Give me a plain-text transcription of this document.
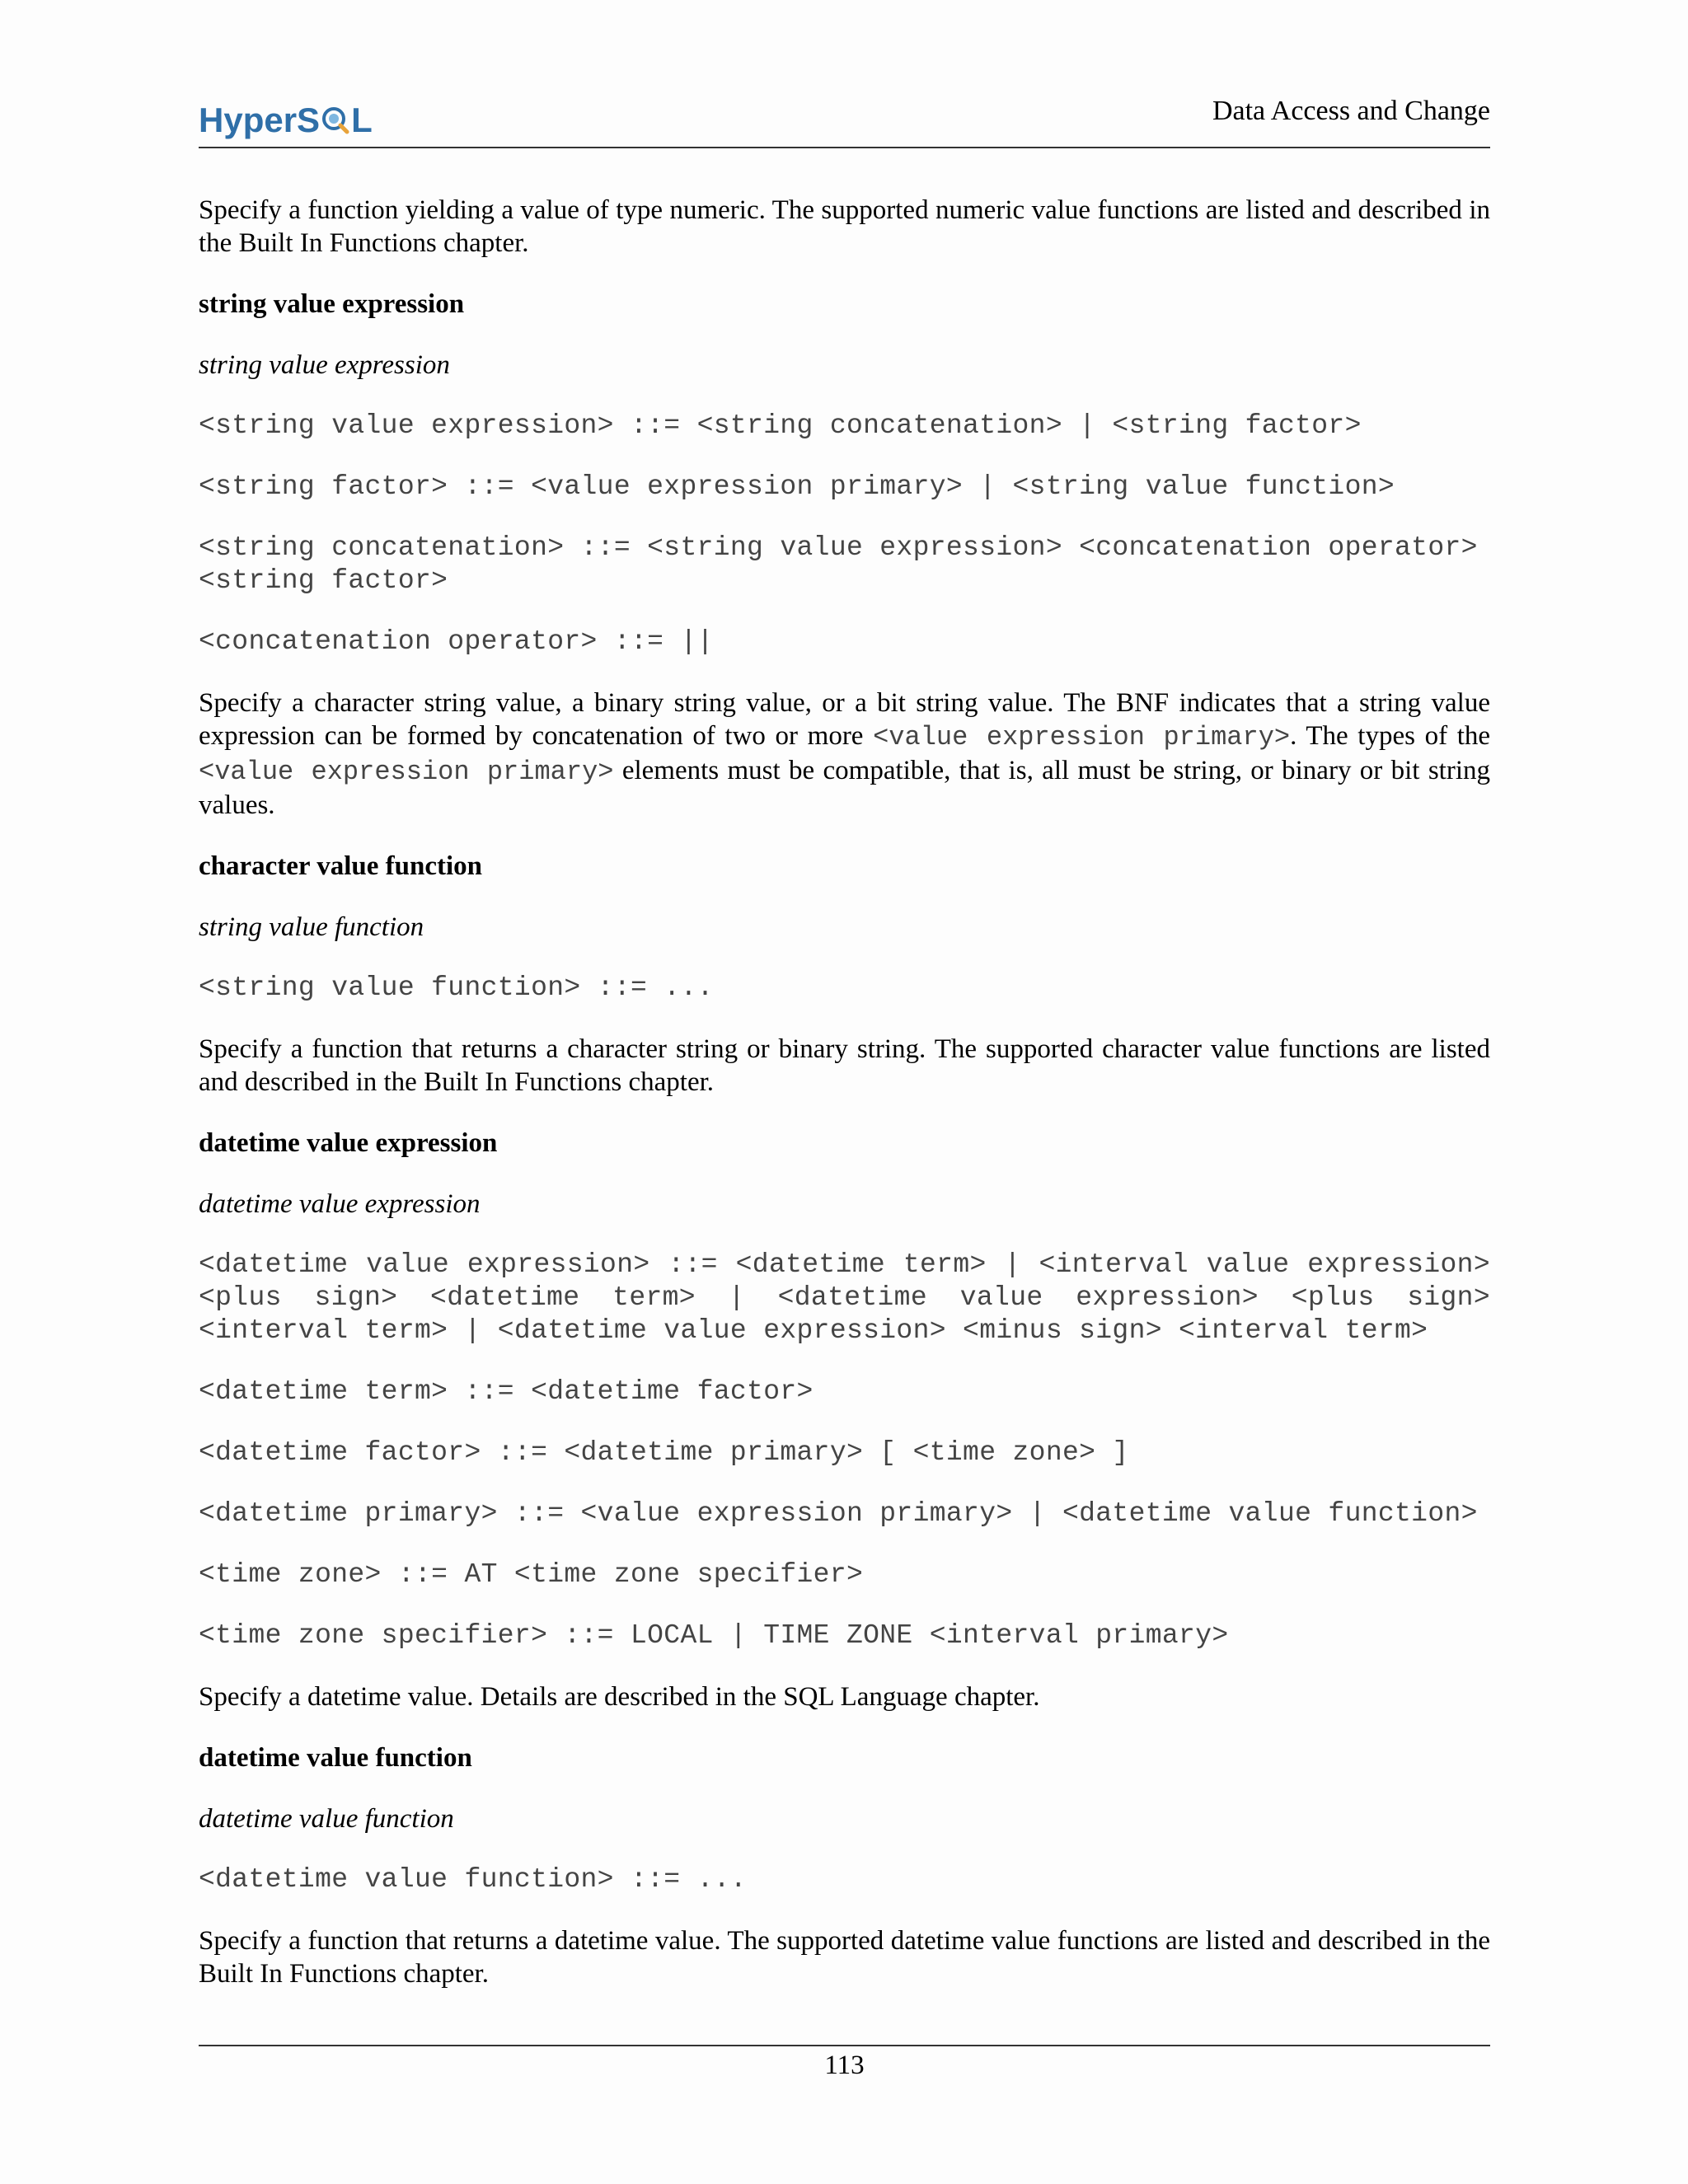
HyperS L	Data Access and Change

Specify a function yielding a value of type numeric. The supported numeric value functions are listed and described in the Built In Functions chapter.

string value expression

string value expression

<string value expression> ::= <string concatenation> | <string factor>

<string factor> ::= <value expression primary> | <string value function>

<string concatenation> ::= <string value expression> <concatenation operator> <string factor>

<concatenation operator> ::= ||

Specify a character string value, a binary string value, or a bit string value. The BNF indicates that a string value expression can be formed by concatenation of two or more <value expression primary>. The types of the <value expression primary> elements must be compatible, that is, all must be string, or binary or bit string values.

character value function

string value function

<string value function> ::= ...

Specify a function that returns a character string or binary string. The supported character value functions are listed and described in the Built In Functions chapter.

datetime value expression

datetime value expression

<datetime value expression> ::= <datetime term> | <interval value expression> <plus sign> <datetime term> | <datetime value expression> <plus sign> <interval term> | <datetime value expression> <minus sign> <interval term>

<datetime term> ::= <datetime factor>

<datetime factor> ::= <datetime primary> [ <time zone> ]

<datetime primary> ::= <value expression primary> | <datetime value function>

<time zone> ::= AT <time zone specifier>

<time zone specifier> ::= LOCAL | TIME ZONE <interval primary>

Specify a datetime value. Details are described in the SQL Language chapter.

datetime value function

datetime value function

<datetime value function> ::= ...

Specify a function that returns a datetime value. The supported datetime value functions are listed and described in the Built In Functions chapter.

113
